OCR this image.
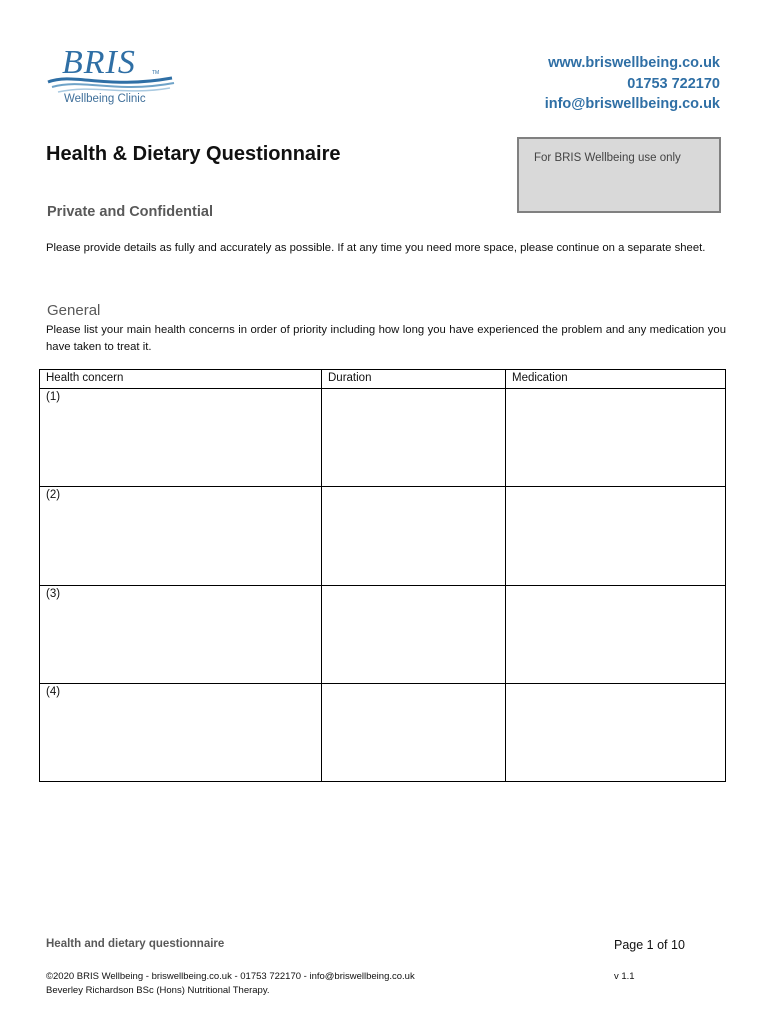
BRIS	TM
Wellbeing Clinic
www.briswellbeing.co.uk
01753 722170
info@briswellbeing.co.uk
Health & Dietary Questionnaire	For BRIS Wellbeing use only
Private and Confidential
Please provide details as fully and accurately as possible. If at any time you need more space, please continue on a separate sheet.
General
Please list your main health concerns in order of priority including how long you have experienced the problem and any medication you have taken to treat it.
Health concern	Duration	Medication
(1)		
(2)		
(3)		
(4)		
Health and dietary questionnaire	Page 1 of 10
©2020 BRIS Wellbeing - briswellbeing.co.uk - 01753 722170 - info@briswellbeing.co.uk
Beverley Richardson BSc (Hons) Nutritional Therapy.
v 1.1
